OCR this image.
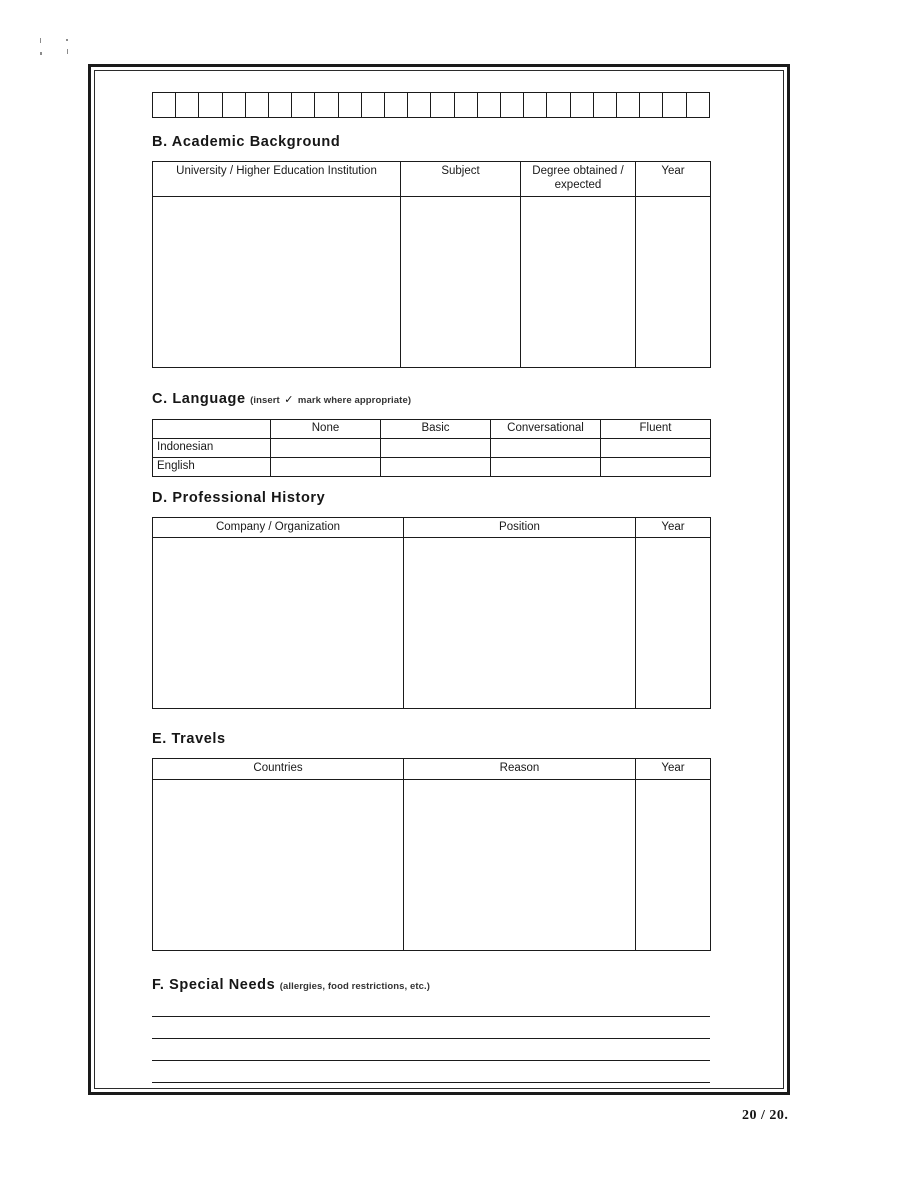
B. Academic Background
University / Higher Education Institution	Subject	Degree obtained / expected	Year

C. Language (insert ✓ mark where appropriate)
	None	Basic	Conversational	Fluent
Indonesian				
English				
D. Professional History
Company / Organization	Position	Year

E. Travels
Countries	Reason	Year

F. Special Needs (allergies, food restrictions, etc.)
20 / 20.
